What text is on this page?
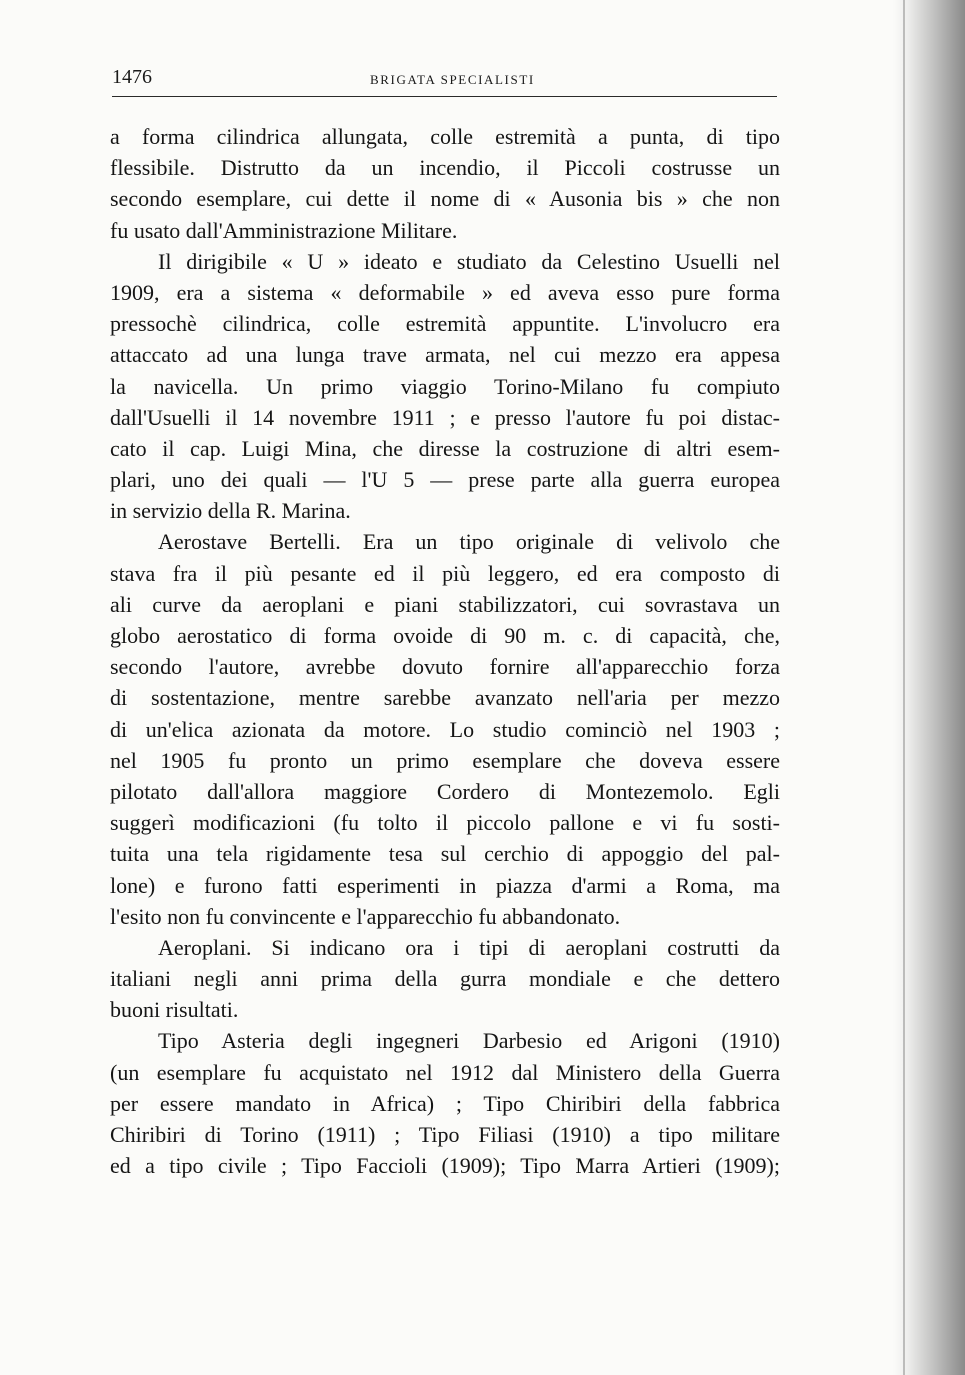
1476	BRIGATA SPECIALISTI
a forma cilindrica allungata, colle estremità a punta, di tipo
flessibile. Distrutto da un incendio, il Piccoli costrusse un
secondo esemplare, cui dette il nome di « Ausonia bis » che non
fu usato dall'Amministrazione Militare.
Il dirigibile « U » ideato e studiato da Celestino Usuelli nel
1909, era a sistema « deformabile » ed aveva esso pure forma
pressochè cilindrica, colle estremità appuntite. L'involucro era
attaccato ad una lunga trave armata, nel cui mezzo era appesa
la navicella. Un primo viaggio Torino-Milano fu compiuto
dall'Usuelli il 14 novembre 1911 ; e presso l'autore fu poi distac-
cato il cap. Luigi Mina, che diresse la costruzione di altri esem-
plari, uno dei quali — l'U 5 — prese parte alla guerra europea
in servizio della R. Marina.
Aerostave Bertelli. Era un tipo originale di velivolo che
stava fra il più pesante ed il più leggero, ed era composto di
ali curve da aeroplani e piani stabilizzatori, cui sovrastava un
globo aerostatico di forma ovoide di 90 m. c. di capacità, che,
secondo l'autore, avrebbe dovuto fornire all'apparecchio forza
di sostentazione, mentre sarebbe avanzato nell'aria per mezzo
di un'elica azionata da motore. Lo studio cominciò nel 1903 ;
nel 1905 fu pronto un primo esemplare che doveva essere
pilotato dall'allora maggiore Cordero di Montezemolo. Egli
suggerì modificazioni (fu tolto il piccolo pallone e vi fu sosti-
tuita una tela rigidamente tesa sul cerchio di appoggio del pal-
lone) e furono fatti esperimenti in piazza d'armi a Roma, ma
l'esito non fu convincente e l'apparecchio fu abbandonato.
Aeroplani. Si indicano ora i tipi di aeroplani costrutti da
italiani negli anni prima della gurra mondiale e che dettero
buoni risultati.
Tipo Asteria degli ingegneri Darbesio ed Arigoni (1910)
(un esemplare fu acquistato nel 1912 dal Ministero della Guerra
per essere mandato in Africa) ; Tipo Chiribiri della fabbrica
Chiribiri di Torino (1911) ; Tipo Filiasi (1910) a tipo militare
ed a tipo civile ; Tipo Faccioli (1909); Tipo Marra Artieri (1909);
